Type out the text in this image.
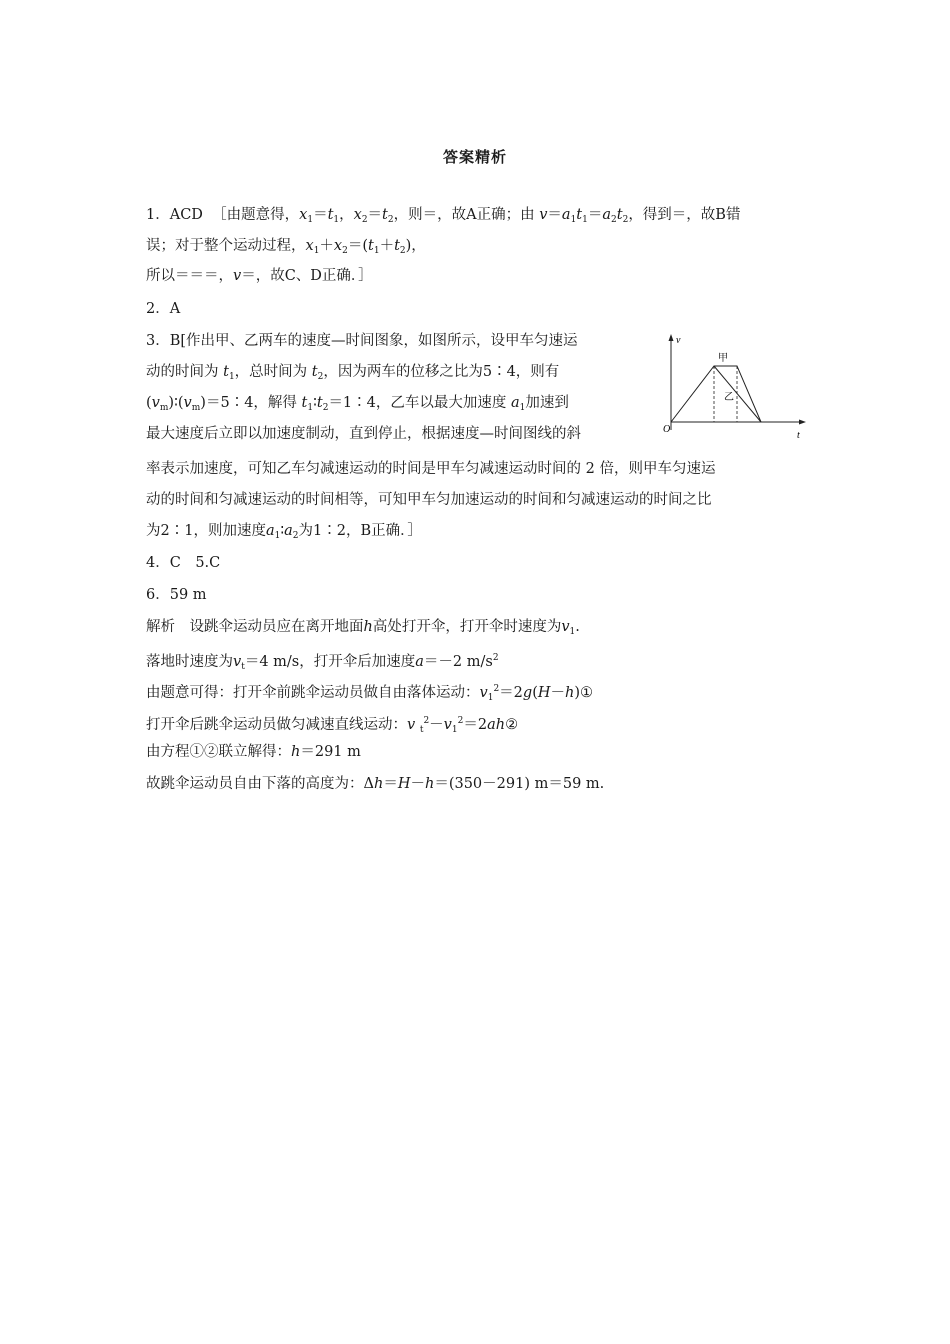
答案精析
1．ACD ［由题意得，$x_1=t_1$，$x_2=t_2$，则＝，故A正确；由 $v=a_1t_1=a_2t_2$，得到＝，故B错
误；对于整个运动过程，$x_1+x_2=(t_1+t_2)$，
所以＝＝＝，v＝，故C、D正确．］
2．A
3．B[作出甲、乙两车的速度—时间图象，如图所示，设甲车匀速运
动的时间为 $t_1$，总时间为 $t_2$，因为两车的位移之比为5∶4，则有
$(v_m)∶(v_m)=5∶4$，解得 $t_1∶t_2=1∶4$，乙车以最大加速度 $a_1$加速到
最大速度后立即以加速度制动，直到停止，根据速度—时间图线的斜
率表示加速度，可知乙车匀减速运动的时间是甲车匀减速运动时间的 2 倍，则甲车匀速运
动的时间和匀减速运动的时间相等，可知甲车匀加速运动的时间和匀减速运动的时间之比
为2∶1，则加速度$a_1∶a_2$为1∶2，B正确．］
v
t
O
甲
乙
4．C　5.C
6．59 m
解析　设跳伞运动员应在离开地面h高处打开伞，打开伞时速度为$v_1$.
落地时速度为$v_t=4$ m/s，打开伞后加速度a＝－2 $m/s^2$
由题意可得：打开伞前跳伞运动员做自由落体运动：$v_1^2=2g(H-h)①$
打开伞后跳伞运动员做匀减速直线运动：v $_t^2-v_1^2=2ah②$
由方程①②联立解得：h＝291 m
故跳伞运动员自由下落的高度为：Δh＝H－h＝(350－291) m＝59 m.
